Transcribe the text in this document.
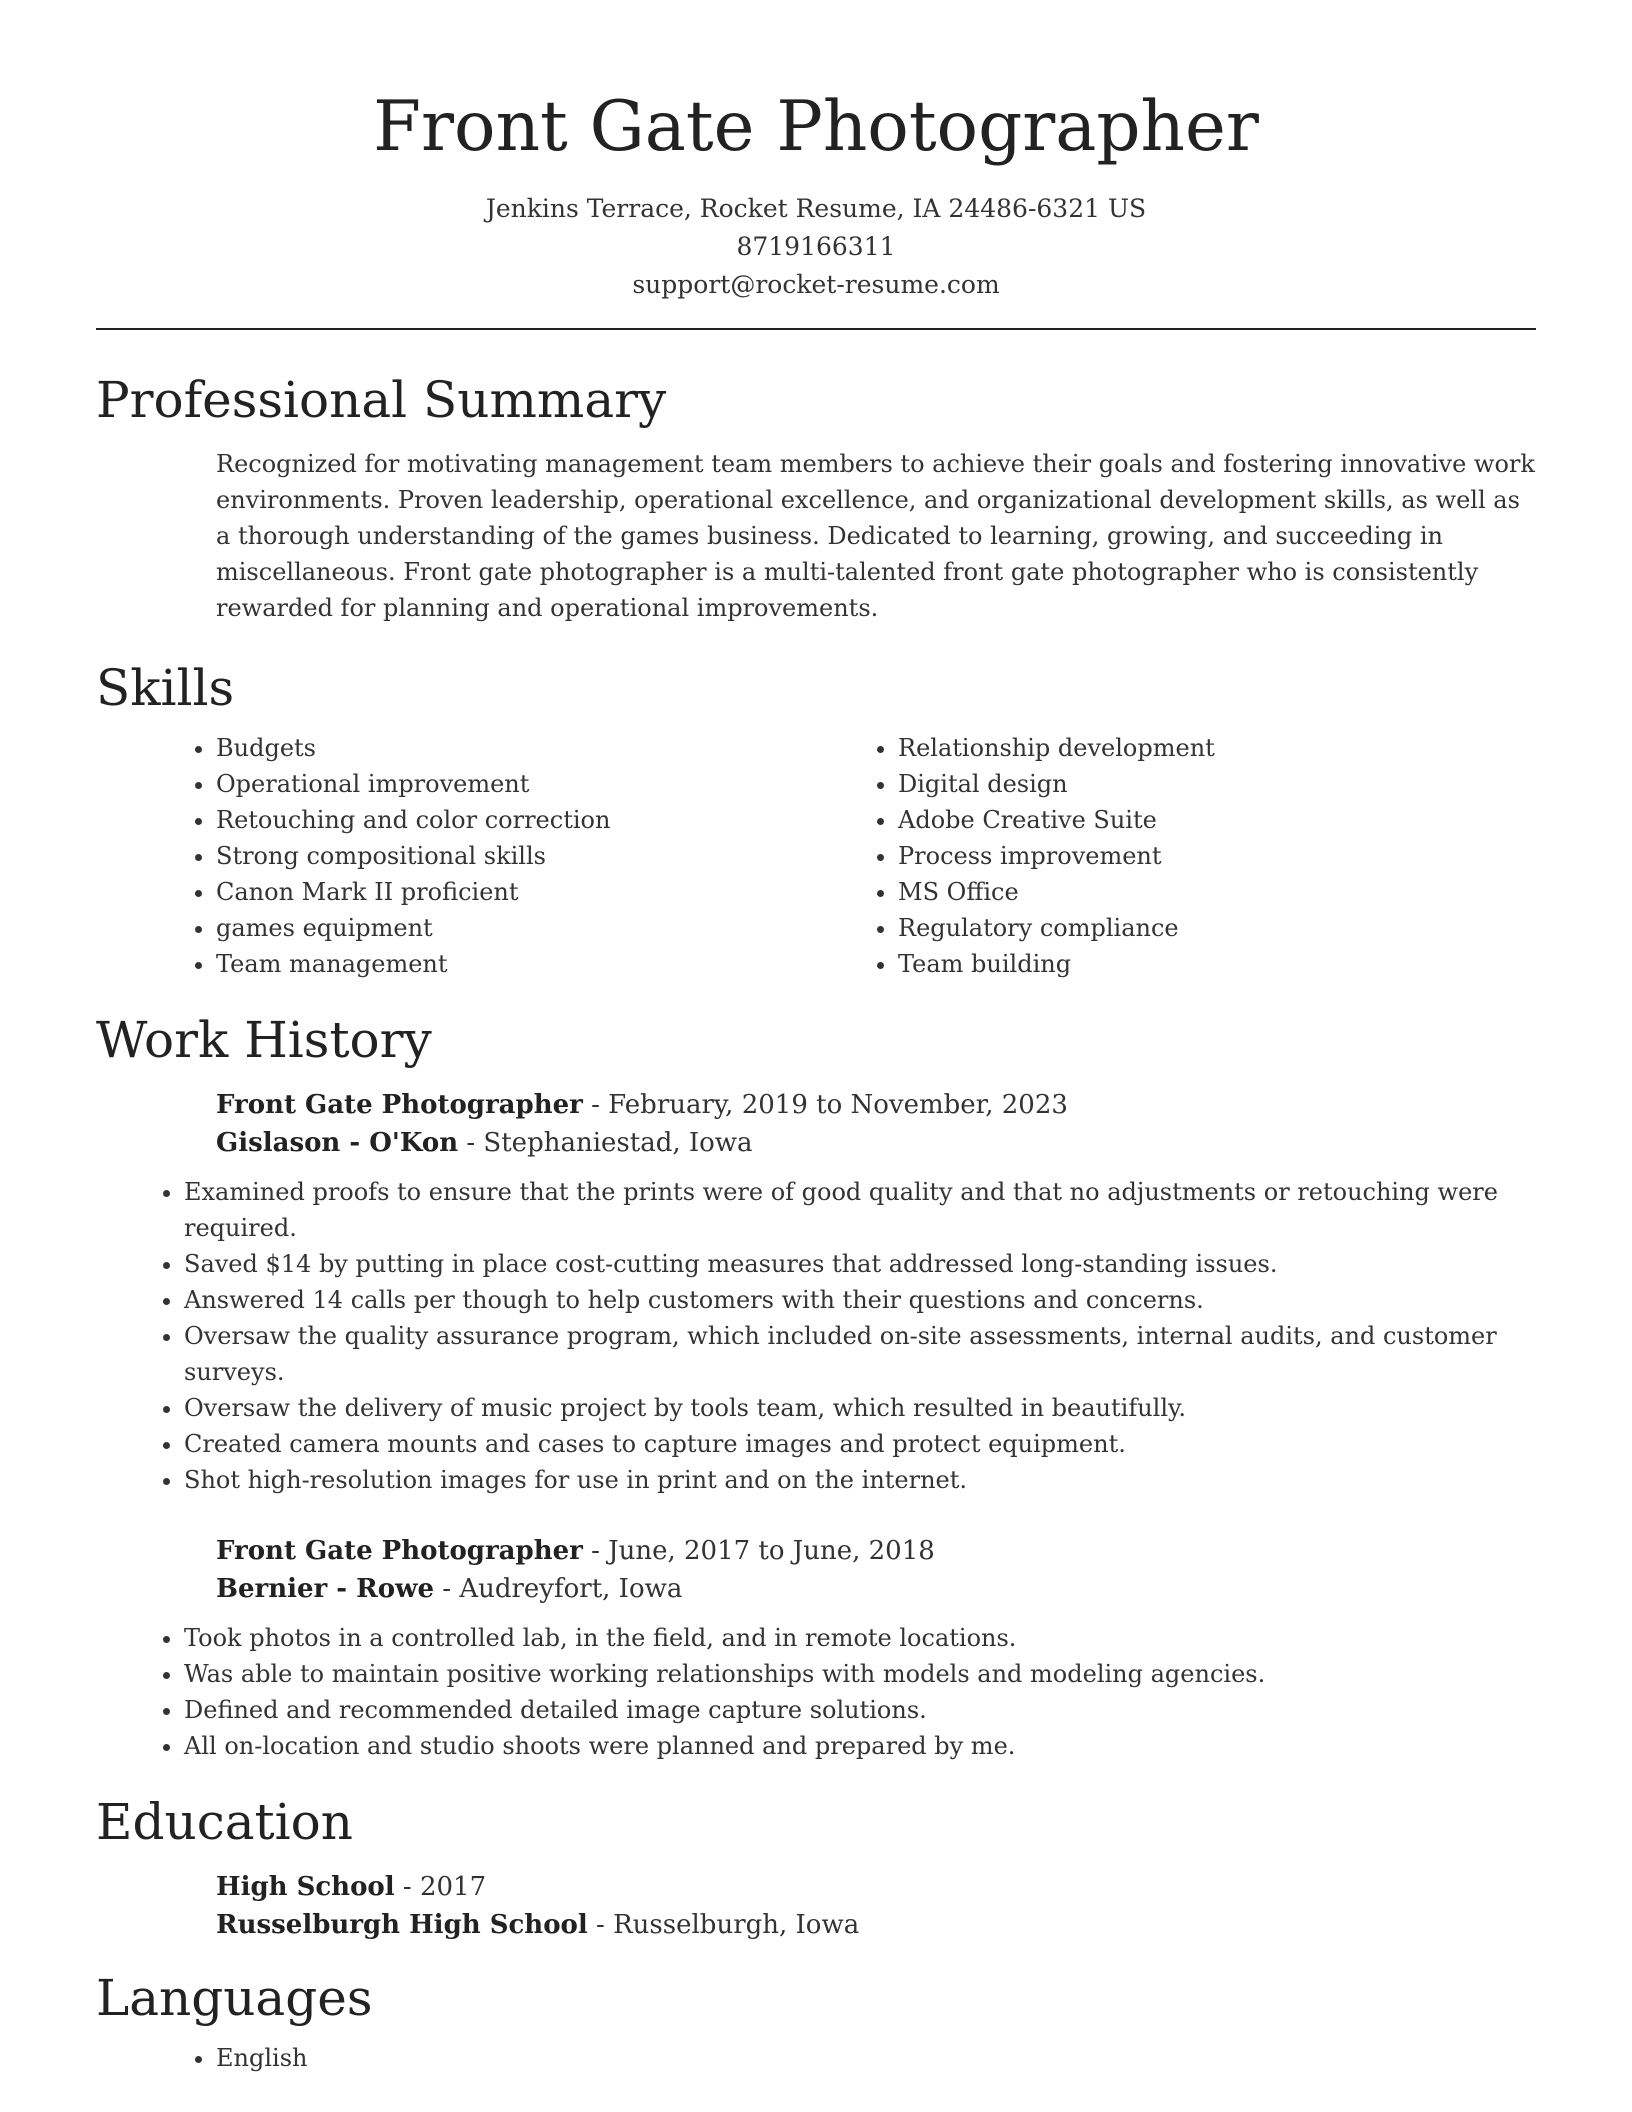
Front Gate Photographer
Jenkins Terrace, Rocket Resume, IA 24486-6321 US
8719166311
support@rocket-resume.com
Professional Summary

Recognized for motivating management team members to achieve their goals and fostering innovative work environments. Proven leadership, operational excellence, and organizational development skills, as well as a thorough understanding of the games business. Dedicated to learning, growing, and succeeding in miscellaneous. Front gate photographer is a multi-talented front gate photographer who is consistently rewarded for planning and operational improvements.

Skills
• Budgets
• Operational improvement
• Retouching and color correction
• Strong compositional skills
• Canon Mark II proficient
• games equipment
• Team management
• Relationship development
• Digital design
• Adobe Creative Suite
• Process improvement
• MS Office
• Regulatory compliance
• Team building
Work History
Front Gate Photographer - February, 2019 to November, 2023
Gislason - O'Kon - Stephaniestad, Iowa
• Examined proofs to ensure that the prints were of good quality and that no adjustments or retouching were required.
• Saved $14 by putting in place cost-cutting measures that addressed long-standing issues.
• Answered 14 calls per though to help customers with their questions and concerns.
• Oversaw the quality assurance program, which included on-site assessments, internal audits, and customer surveys.
• Oversaw the delivery of music project by tools team, which resulted in beautifully.
• Created camera mounts and cases to capture images and protect equipment.
• Shot high-resolution images for use in print and on the internet.
Front Gate Photographer - June, 2017 to June, 2018
Bernier - Rowe - Audreyfort, Iowa
• Took photos in a controlled lab, in the field, and in remote locations.
• Was able to maintain positive working relationships with models and modeling agencies.
• Defined and recommended detailed image capture solutions.
• All on-location and studio shoots were planned and prepared by me.
Education
High School - 2017
Russelburgh High School - Russelburgh, Iowa
Languages
• English
